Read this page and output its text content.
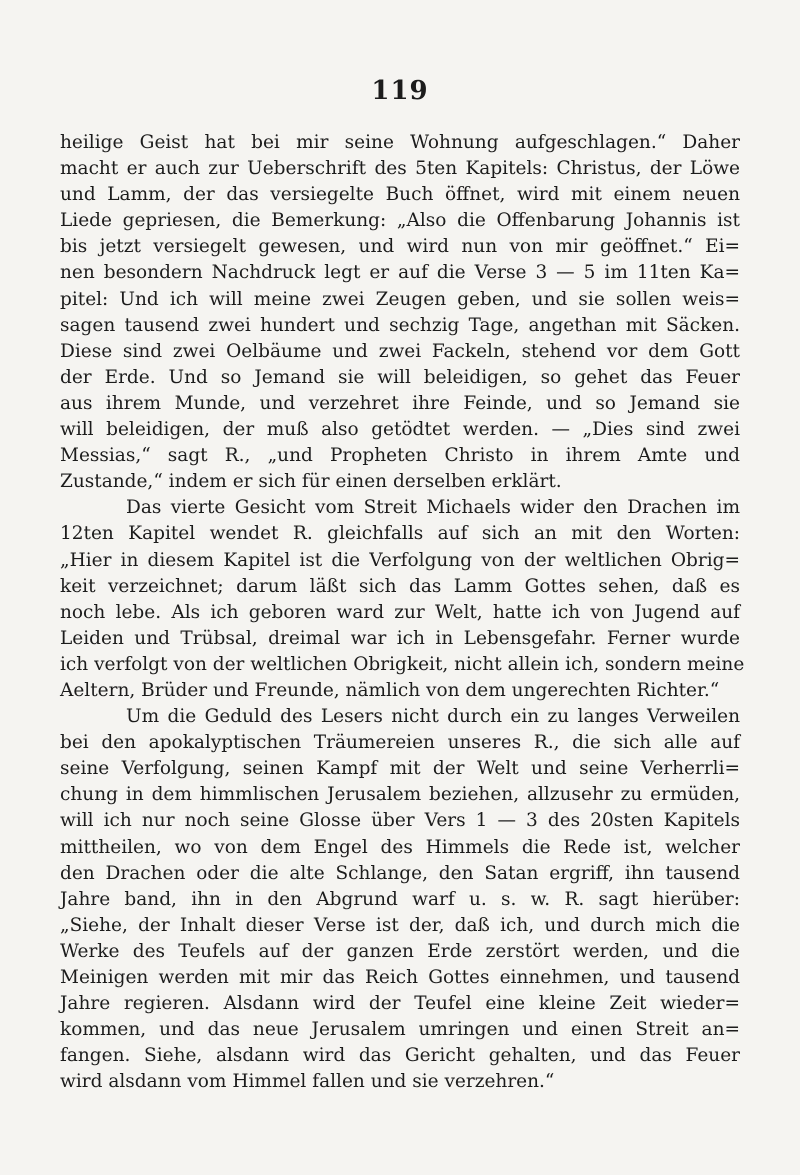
119
heilige Geist hat bei mir seine Wohnung aufgeschlagen.“ Daher
macht er auch zur Ueberschrift des 5ten Kapitels: Christus, der Löwe
und Lamm, der das versiegelte Buch öffnet, wird mit einem neuen
Liede gepriesen, die Bemerkung: „Also die Offenbarung Johannis ist
bis jetzt versiegelt gewesen, und wird nun von mir geöffnet.“ Ei=
nen besondern Nachdruck legt er auf die Verse 3 — 5 im 11ten Ka=
pitel: Und ich will meine zwei Zeugen geben, und sie sollen weis=
sagen tausend zwei hundert und sechzig Tage, angethan mit Säcken.
Diese sind zwei Oelbäume und zwei Fackeln, stehend vor dem Gott
der Erde. Und so Jemand sie will beleidigen, so gehet das Feuer
aus ihrem Munde, und verzehret ihre Feinde, und so Jemand sie
will beleidigen, der muß also getödtet werden. — „Dies sind zwei
Messias,“ sagt R., „und Propheten Christo in ihrem Amte und
Zustande,“ indem er sich für einen derselben erklärt.
Das vierte Gesicht vom Streit Michaels wider den Drachen im
12ten Kapitel wendet R. gleichfalls auf sich an mit den Worten:
„Hier in diesem Kapitel ist die Verfolgung von der weltlichen Obrig=
keit verzeichnet; darum läßt sich das Lamm Gottes sehen, daß es
noch lebe. Als ich geboren ward zur Welt, hatte ich von Jugend auf
Leiden und Trübsal, dreimal war ich in Lebensgefahr. Ferner wurde
ich verfolgt von der weltlichen Obrigkeit, nicht allein ich, sondern meine
Aeltern, Brüder und Freunde, nämlich von dem ungerechten Richter.“
Um die Geduld des Lesers nicht durch ein zu langes Verweilen
bei den apokalyptischen Träumereien unseres R., die sich alle auf
seine Verfolgung, seinen Kampf mit der Welt und seine Verherrli=
chung in dem himmlischen Jerusalem beziehen, allzusehr zu ermüden,
will ich nur noch seine Glosse über Vers 1 — 3 des 20sten Kapitels
mittheilen, wo von dem Engel des Himmels die Rede ist, welcher
den Drachen oder die alte Schlange, den Satan ergriff, ihn tausend
Jahre band, ihn in den Abgrund warf u. s. w. R. sagt hierüber:
„Siehe, der Inhalt dieser Verse ist der, daß ich, und durch mich die
Werke des Teufels auf der ganzen Erde zerstört werden, und die
Meinigen werden mit mir das Reich Gottes einnehmen, und tausend
Jahre regieren. Alsdann wird der Teufel eine kleine Zeit wieder=
kommen, und das neue Jerusalem umringen und einen Streit an=
fangen. Siehe, alsdann wird das Gericht gehalten, und das Feuer
wird alsdann vom Himmel fallen und sie verzehren.“
